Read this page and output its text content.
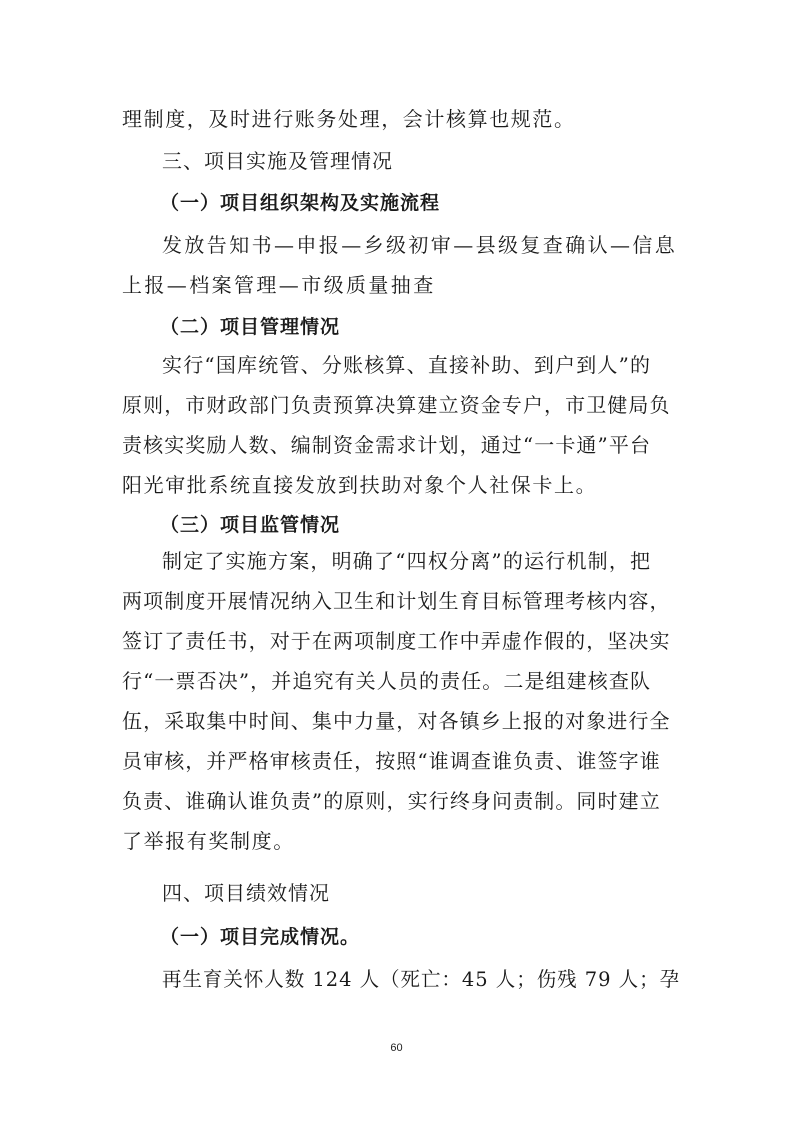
理制度，及时进行账务处理，会计核算也规范。
三、项目实施及管理情况
（一）项目组织架构及实施流程
发放告知书—申报—乡级初审—县级复查确认—信息
上报—档案管理—市级质量抽查
（二）项目管理情况
实行“国库统管、分账核算、直接补助、到户到人”的
原则，市财政部门负责预算决算建立资金专户，市卫健局负
责核实奖励人数、编制资金需求计划，通过“一卡通”平台
阳光审批系统直接发放到扶助对象个人社保卡上。
（三）项目监管情况
制定了实施方案，明确了“四权分离”的运行机制，把
两项制度开展情况纳入卫生和计划生育目标管理考核内容，
签订了责任书，对于在两项制度工作中弄虚作假的，坚决实
行“一票否决”，并追究有关人员的责任。二是组建核查队
伍，采取集中时间、集中力量，对各镇乡上报的对象进行全
员审核，并严格审核责任，按照“谁调查谁负责、谁签字谁
负责、谁确认谁负责”的原则，实行终身问责制。同时建立
了举报有奖制度。
四、项目绩效情况
（一）项目完成情况。
再生育关怀人数 124 人（死亡：45 人；伤残 79 人；孕
60
